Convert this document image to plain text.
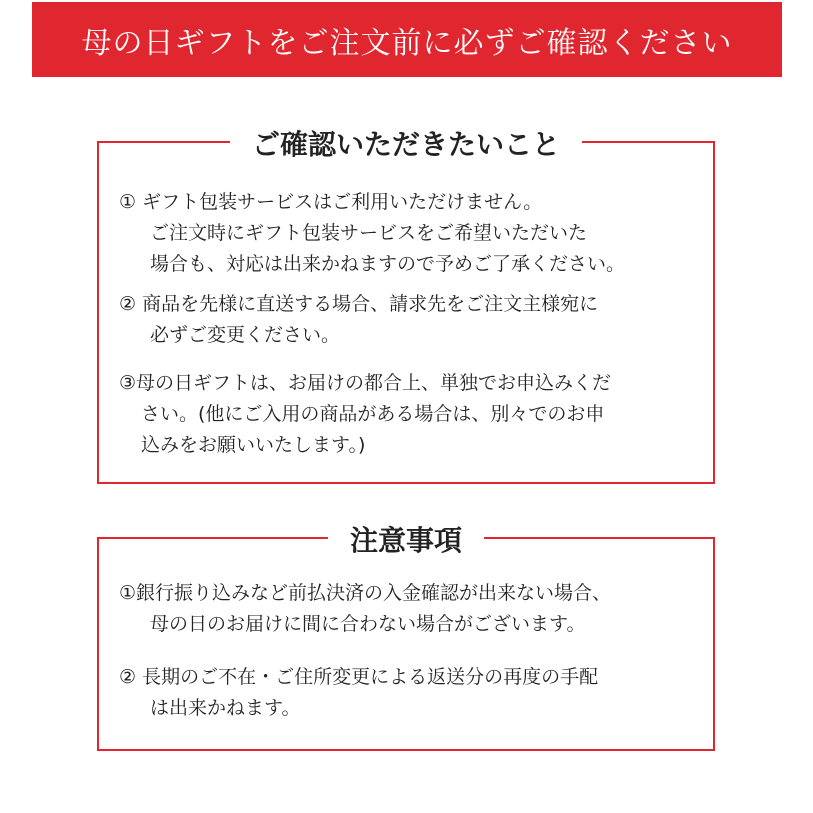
母の日ギフトをご注文前に必ずご確認ください
ご確認いただきたいこと
① ギフト包装サービスはご利用いただけません。
ご注文時にギフト包装サービスをご希望いただいた
場合も、対応は出来かねますので予めご了承ください。
② 商品を先様に直送する場合、請求先をご注文主様宛に
必ずご変更ください。
③母の日ギフトは、お届けの都合上、単独でお申込みくだ
さい。(他にご入用の商品がある場合は、別々でのお申
込みをお願いいたします。)
注意事項
①銀行振り込みなど前払決済の入金確認が出来ない場合、
母の日のお届けに間に合わない場合がございます。
② 長期のご不在・ご住所変更による返送分の再度の手配
は出来かねます。
